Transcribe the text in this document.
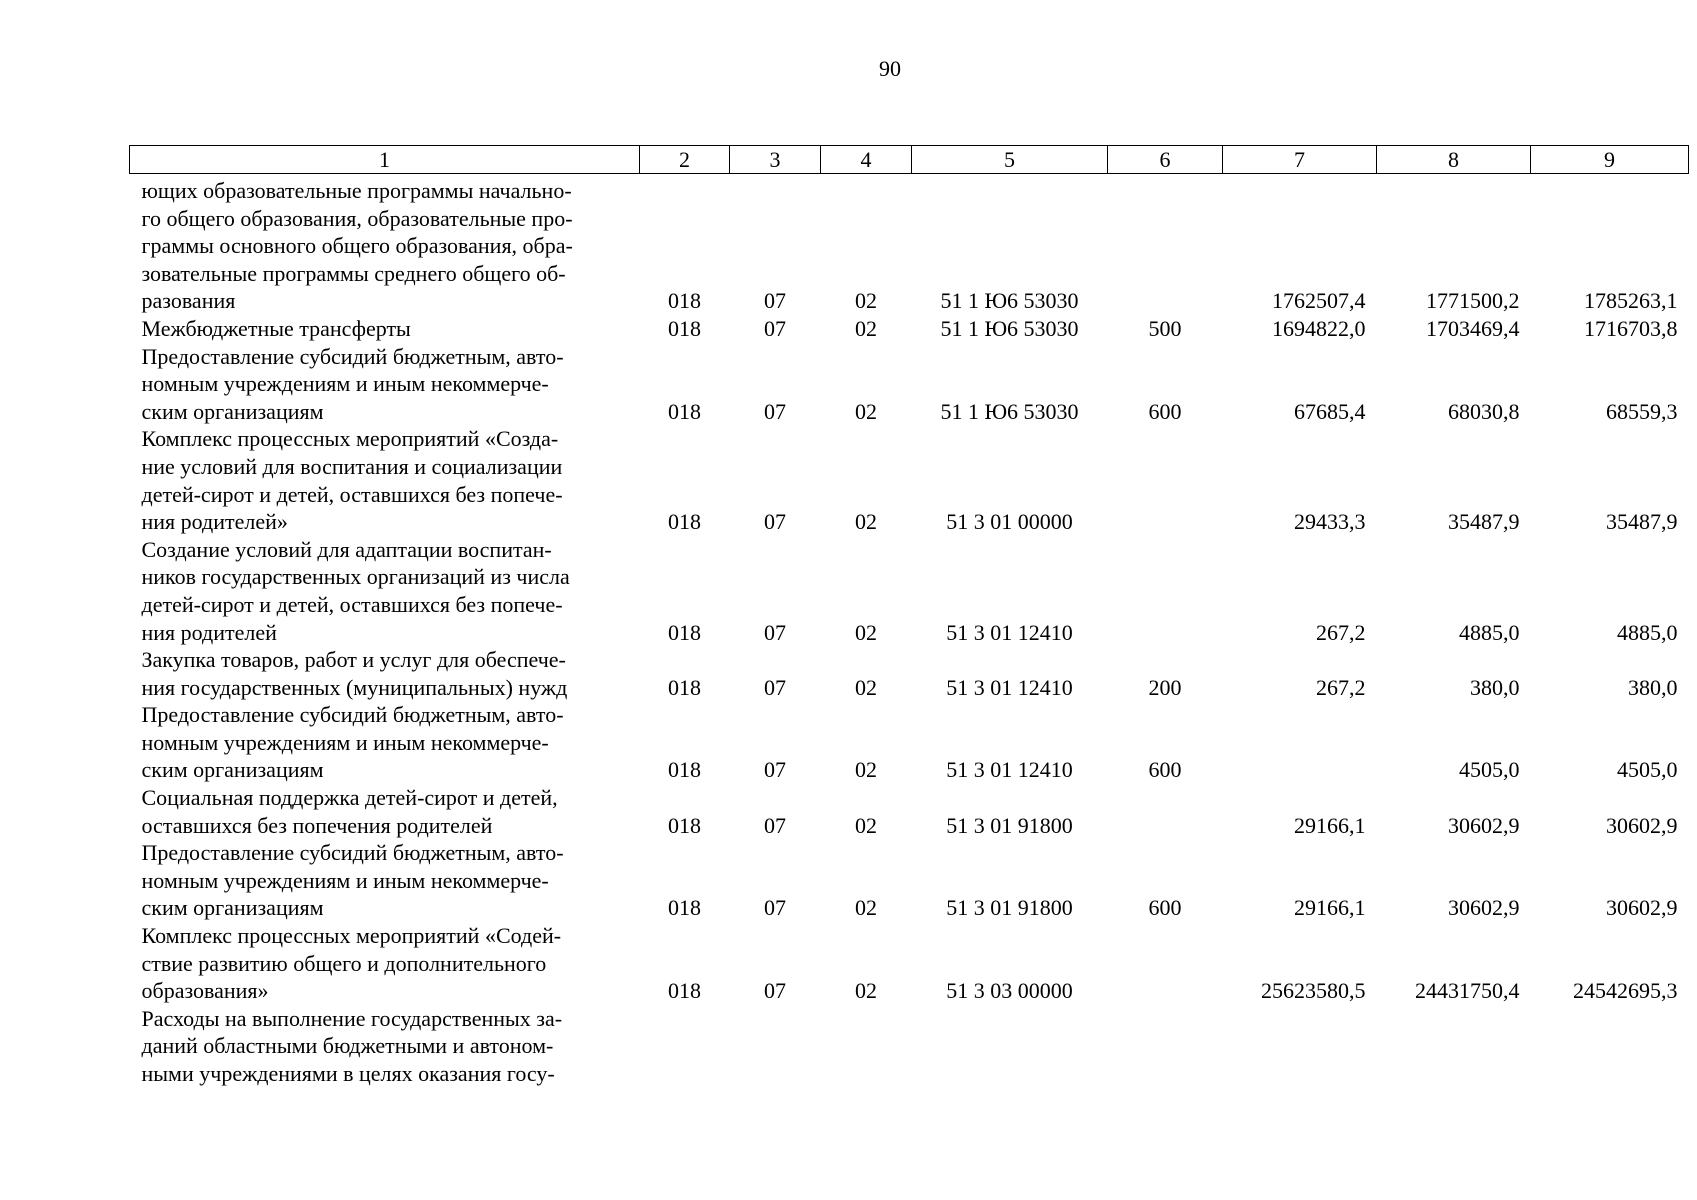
90
1	2	3	4	5	6	7	8	9

ющих образовательные программы начально-
го общего образования, образовательные про-
граммы основного общего образования, обра-
зовательные программы среднего общего об-
разования	018	07	02	51 1 Ю6 53030		1762507,4	1771500,2	1785263,1

Межбюджетные трансферты	018	07	02	51 1 Ю6 53030	500	1694822,0	1703469,4	1716703,8

Предоставление субсидий бюджетным, авто-
номным учреждениям и иным некоммерче-
ским организациям	018	07	02	51 1 Ю6 53030	600	67685,4	68030,8	68559,3

Комплекс процессных мероприятий «Созда-
ние условий для воспитания и социализации
детей-сирот и детей, оставшихся без попече-
ния родителей»	018	07	02	51 3 01 00000		29433,3	35487,9	35487,9

Создание условий для адаптации воспитан-
ников государственных организаций из числа
детей-сирот и детей, оставшихся без попече-
ния родителей	018	07	02	51 3 01 12410		267,2	4885,0	4885,0

Закупка товаров, работ и услуг для обеспече-
ния государственных (муниципальных) нужд	018	07	02	51 3 01 12410	200	267,2	380,0	380,0

Предоставление субсидий бюджетным, авто-
номным учреждениям и иным некоммерче-
ским организациям	018	07	02	51 3 01 12410	600		4505,0	4505,0

Социальная поддержка детей-сирот и детей,
оставшихся без попечения родителей	018	07	02	51 3 01 91800		29166,1	30602,9	30602,9

Предоставление субсидий бюджетным, авто-
номным учреждениям и иным некоммерче-
ским организациям	018	07	02	51 3 01 91800	600	29166,1	30602,9	30602,9

Комплекс процессных мероприятий «Содей-
ствие развитию общего и дополнительного
образования»	018	07	02	51 3 03 00000		25623580,5	24431750,4	24542695,3

Расходы на выполнение государственных за-
даний областными бюджетными и автоном-
ными учреждениями в целях оказания госу-								
